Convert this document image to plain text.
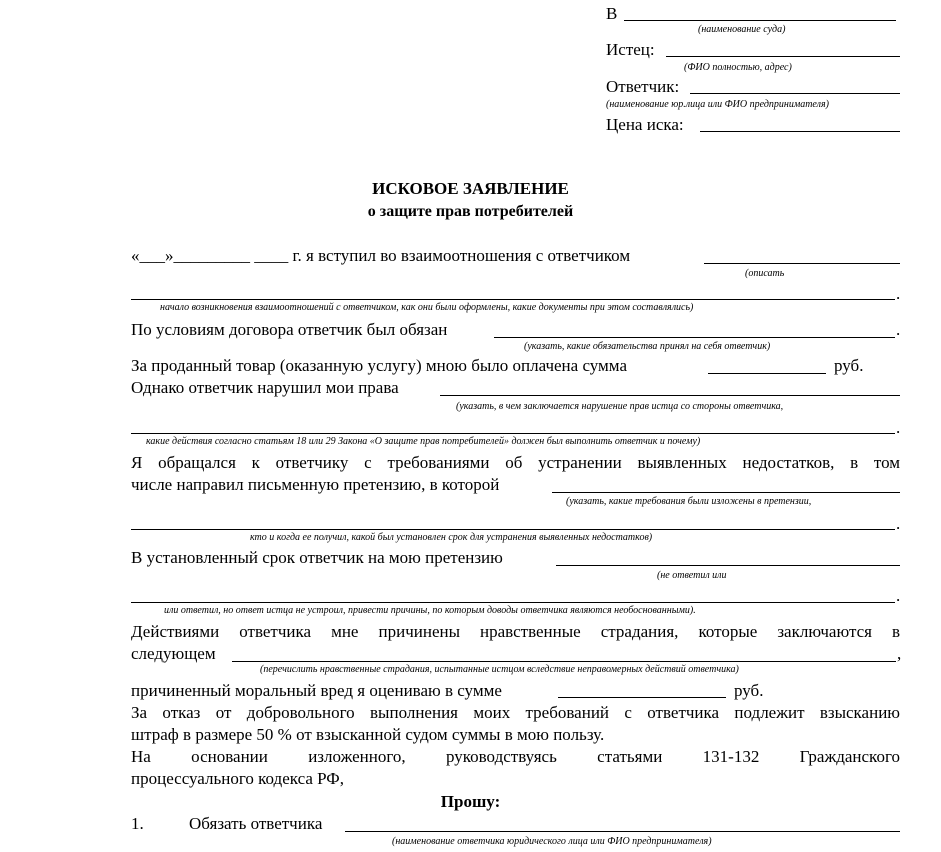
В
(наименование суда)
Истец:
(ФИО полностью, адрес)
Ответчик:
(наименование юр.лица или ФИО предпринимателя)
Цена иска:
ИСКОВОЕ ЗАЯВЛЕНИЕ
о защите прав потребителей
«___»_________ ____ г. я вступил во взаимоотношения с ответчиком
(описать
.
начало возникновения взаимоотношений с ответчиком, как они были оформлены, какие документы при этом составлялись)
По условиям договора ответчик был обязан	.
(указать, какие обязательства принял на себя ответчик)
За проданный товар (оказанную услугу) мною было оплачена сумма	руб.
Однако ответчик нарушил мои права
(указать, в чем заключается нарушение прав истца со стороны ответчика,
.
какие действия согласно статьям 18 или 29 Закона «О защите прав потребителей» должен был выполнить ответчик и почему)
Я обращался к ответчику с требованиями об устранении выявленных недостатков, в том
числе направил письменную претензию, в которой
(указать, какие требования были изложены в претензии,
.
кто и когда ее получил, какой был установлен срок для устранения выявленных недостатков)
В установленный срок ответчик на мою претензию
(не ответил или
.
или ответил, но ответ истца не устроил, привести причины, по которым доводы ответчика являются необоснованными).
Действиями ответчика мне причинены нравственные страдания, которые заключаются в
следующем	,
(перечислить нравственные страдания, испытанные истцом вследствие неправомерных действий ответчика)
причиненный моральный вред я оцениваю в сумме	руб.
За отказ от добровольного выполнения моих требований с ответчика подлежит взысканию
штраф в размере 50 % от взысканной судом суммы в мою пользу.
На основании изложенного, руководствуясь статьями 131-132 Гражданского
процессуального кодекса РФ,
Прошу:
1.	Обязать ответчика
(наименование ответчика юридического лица или ФИО предпринимателя)
